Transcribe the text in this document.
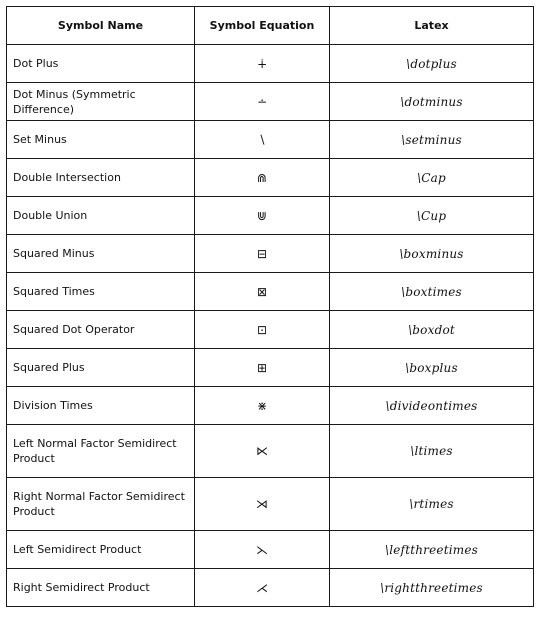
Symbol Name	Symbol Equation	Latex
Dot Plus	∔	\dotplus
Dot Minus (Symmetric Difference)	∸	\dotminus
Set Minus	∖	\setminus
Double Intersection	⋒	\Cap
Double Union	⋓	\Cup
Squared Minus	⊟	\boxminus
Squared Times	⊠	\boxtimes
Squared Dot Operator	⊡	\boxdot
Squared Plus	⊞	\boxplus
Division Times	⋇	\divideontimes
Left Normal Factor Semidirect Product	⋉	\ltimes
Right Normal Factor Semidirect Product	⋊	\rtimes
Left Semidirect Product	⋋	\leftthreetimes
Right Semidirect Product	⋌	\rightthreetimes
